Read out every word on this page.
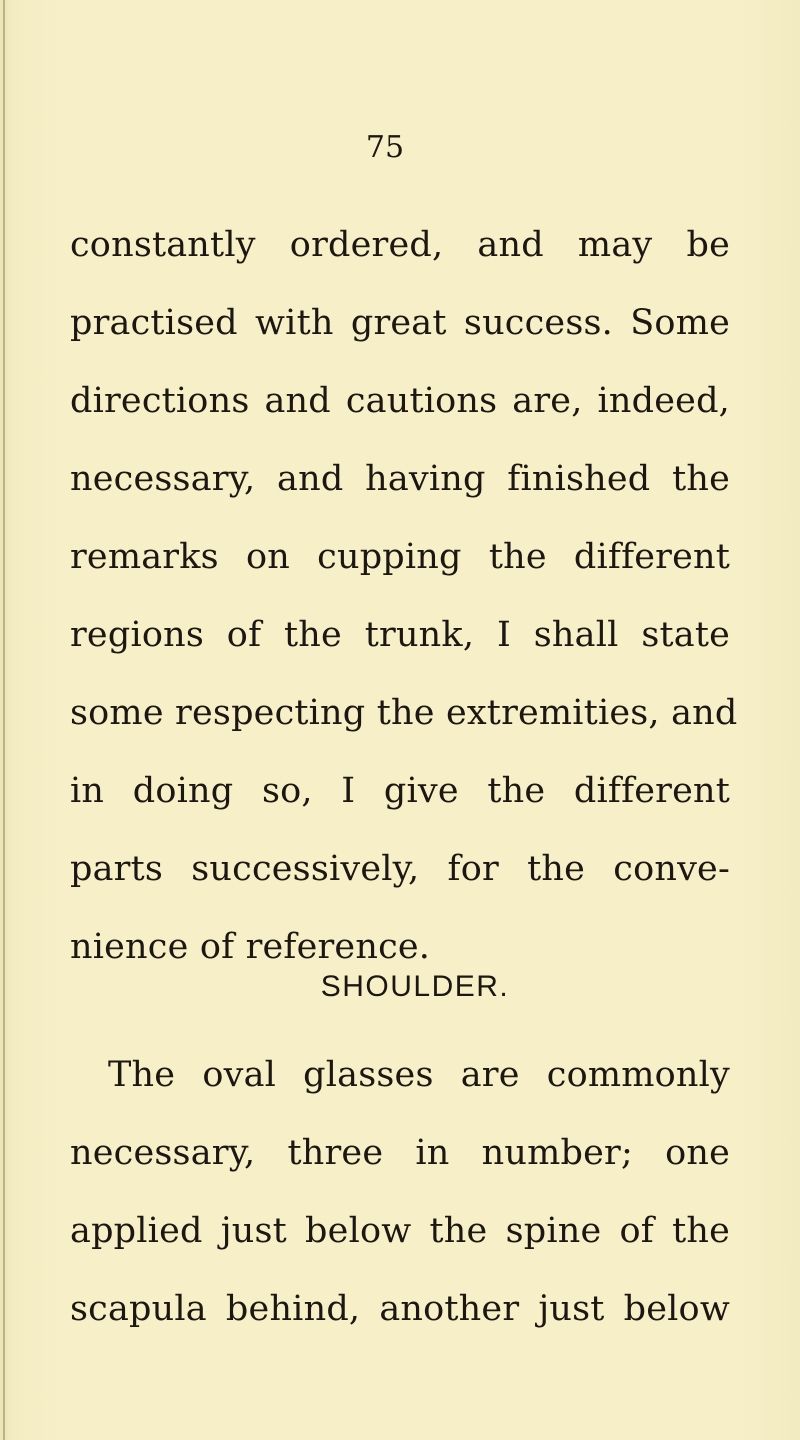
75
constantly ordered, and may be
practised with great success. Some
directions and cautions are, indeed,
necessary, and having finished the
remarks on cupping the different
regions of the trunk, I shall state
some respecting the extremities, and
in doing so, I give the different
parts successively, for the conve-
nience of reference.
SHOULDER.
The oval glasses are commonly
necessary, three in number; one
applied just below the spine of the
scapula behind, another just below
